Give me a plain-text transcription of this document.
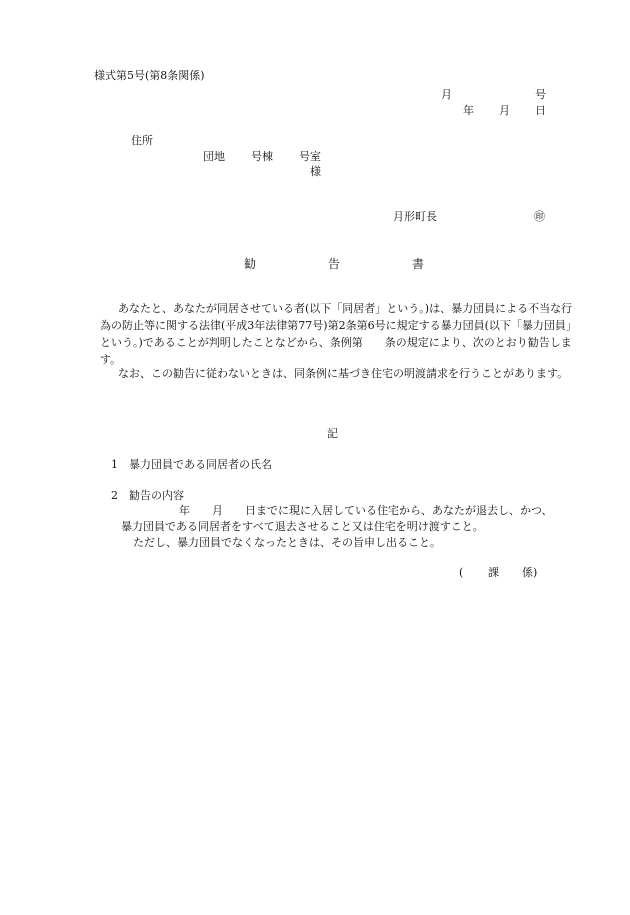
様式第5号(第8条関係)
月	号
年 月 日
住所
団地 号棟 号室
様
月形町長	㊞
勧	告	書
あなたと、あなたが同居させている者(以下「同居者」という。)は、暴力団員による不当な行為の防止等に関する法律(平成3年法律第77号)第2条第6号に規定する暴力団員(以下「暴力団員」という。)であることが判明したことなどから、条例第　　条の規定により、次のとおり勧告します。
なお、この勧告に従わないときは、同条例に基づき住宅の明渡請求を行うことがあります。
記
1　暴力団員である同居者の氏名
2　勧告の内容
年　　月　　日までに現に入居している住宅から、あなたが退去し、かつ、
暴力団員である同居者をすべて退去させること又は住宅を明け渡すこと。
ただし、暴力団員でなくなったときは、その旨申し出ること。
( 課 係)
